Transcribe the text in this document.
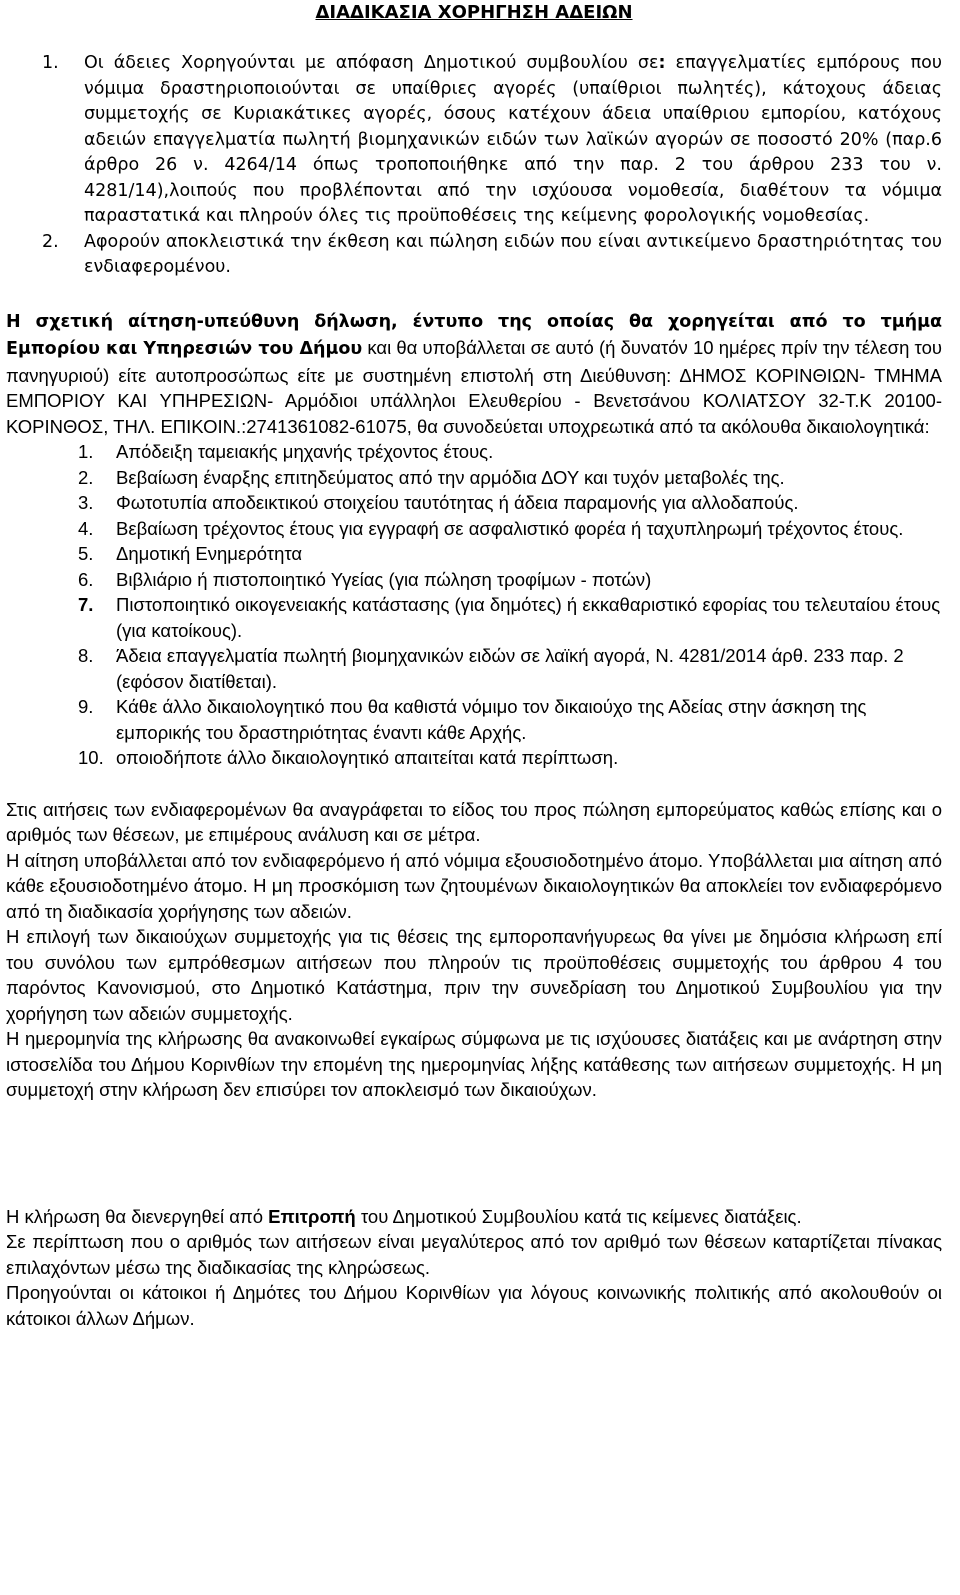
ΔΙΑΔΙΚΑΣΙΑ ΧΟΡΗΓΗΣΗ ΑΔΕΙΩΝ
1.	Οι άδειες Χορηγούνται με απόφαση Δημοτικού συμβουλίου σε: επαγγελματίες εμπόρους που νόμιμα δραστηριοποιούνται σε υπαίθριες αγορές (υπαίθριοι πωλητές), κάτοχους άδειας συμμετοχής σε Κυριακάτικες αγορές, όσους κατέχουν άδεια υπαίθριου εμπορίου, κατόχους αδειών επαγγελματία πωλητή βιομηχανικών ειδών των λαϊκών αγορών σε ποσοστό 20% (παρ.6 άρθρο 26 ν. 4264/14 όπως τροποποιήθηκε από την παρ. 2 του άρθρου 233 του ν. 4281/14),λοιπούς που προβλέπονται από την ισχύουσα νομοθεσία, διαθέτουν τα νόμιμα παραστατικά και πληρούν όλες τις προϋποθέσεις της κείμενης φορολογικής νομοθεσίας.
2.	Αφορούν αποκλειστικά την έκθεση και πώληση ειδών που είναι αντικείμενο δραστηριότητας του ενδιαφερομένου.

Η σχετική αίτηση-υπεύθυνη δήλωση, έντυπο της οποίας θα χορηγείται από το τμήμα Εμπορίου και Υπηρεσιών του Δήμου και θα υποβάλλεται σε αυτό (ή δυνατόν 10 ημέρες πρίν την τέλεση του πανηγυριού) είτε αυτοπροσώπως είτε με συστημένη επιστολή στη Διεύθυνση: ΔΗΜΟΣ ΚΟΡΙΝΘΙΩΝ- ΤΜΗΜΑ ΕΜΠΟΡΙΟΥ ΚΑΙ ΥΠΗΡΕΣΙΩΝ- Αρμόδιοι υπάλληλοι Ελευθερίου - Βενετσάνου ΚΟΛΙΑΤΣΟΥ 32-Τ.Κ 20100-ΚΟΡΙΝΘΟΣ, ΤΗΛ. ΕΠΙΚΟΙΝ.:2741361082-61075, θα συνοδεύεται υποχρεωτικά από τα ακόλουθα δικαιολογητικά:

1.	Απόδειξη ταμειακής μηχανής τρέχοντος έτους.
2.	Βεβαίωση έναρξης επιτηδεύματος από την αρμόδια ΔΟΥ και τυχόν μεταβολές της.
3.	Φωτοτυπία αποδεικτικού στοιχείου ταυτότητας ή άδεια παραμονής για αλλοδαπούς.
4.	Βεβαίωση τρέχοντος έτους για εγγραφή σε ασφαλιστικό φορέα ή ταχυπληρωμή τρέχοντος έτους.
5.	Δημοτική Ενημερότητα
6.	Βιβλιάριο ή πιστοποιητικό Υγείας (για πώληση τροφίμων - ποτών)
7.	Πιστοποιητικό οικογενειακής κατάστασης (για δημότες) ή εκκαθαριστικό εφορίας του τελευταίου έτους (για κατοίκους).
8.	Άδεια επαγγελματία πωλητή βιομηχανικών ειδών σε λαϊκή αγορά, Ν. 4281/2014 άρθ. 233 παρ. 2 (εφόσον διατίθεται).
9.	Κάθε άλλο δικαιολογητικό που θα καθιστά νόμιμο τον δικαιούχο της Αδείας στην άσκηση της εμπορικής του δραστηριότητας έναντι κάθε Αρχής.
10. οποιοδήποτε άλλο δικαιολογητικό απαιτείται κατά περίπτωση.

Στις αιτήσεις των ενδιαφερομένων θα αναγράφεται το είδος του προς πώληση εμπορεύματος καθώς επίσης και ο αριθμός των θέσεων, με επιμέρους ανάλυση και σε μέτρα.

Η αίτηση υποβάλλεται από τον ενδιαφερόμενο ή από νόμιμα εξουσιοδοτημένο άτομο. Υποβάλλεται μια αίτηση από κάθε εξουσιοδοτημένο άτομο. Η μη προσκόμιση των ζητουμένων δικαιολογητικών θα αποκλείει τον ενδιαφερόμενο από τη διαδικασία χορήγησης των αδειών.

Η επιλογή των δικαιούχων συμμετοχής για τις θέσεις της εμποροπανήγυρεως θα γίνει με δημόσια κλήρωση επί του συνόλου των εμπρόθεσμων αιτήσεων που πληρούν τις προϋποθέσεις συμμετοχής του άρθρου 4 του παρόντος Κανονισμού, στο Δημοτικό Κατάστημα, πριν την συνεδρίαση του Δημοτικού Συμβουλίου για την χορήγηση των αδειών συμμετοχής.

Η ημερομηνία της κλήρωσης θα ανακοινωθεί εγκαίρως σύμφωνα με τις ισχύουσες διατάξεις και με ανάρτηση στην ιστοσελίδα του Δήμου Κορινθίων την επομένη της ημερομηνίας λήξης κατάθεσης των αιτήσεων συμμετοχής. Η μη συμμετοχή στην κλήρωση δεν επισύρει τον αποκλεισμό των δικαιούχων.

Η κλήρωση θα διενεργηθεί από Επιτροπή του Δημοτικού Συμβουλίου κατά τις κείμενες διατάξεις.

Σε περίπτωση που ο αριθμός των αιτήσεων είναι μεγαλύτερος από τον αριθμό των θέσεων καταρτίζεται πίνακας επιλαχόντων μέσω της διαδικασίας της κληρώσεως.

Προηγούνται οι κάτοικοι ή Δημότες του Δήμου Κορινθίων για λόγους κοινωνικής πολιτικής από ακολουθούν οι κάτοικοι άλλων Δήμων.
